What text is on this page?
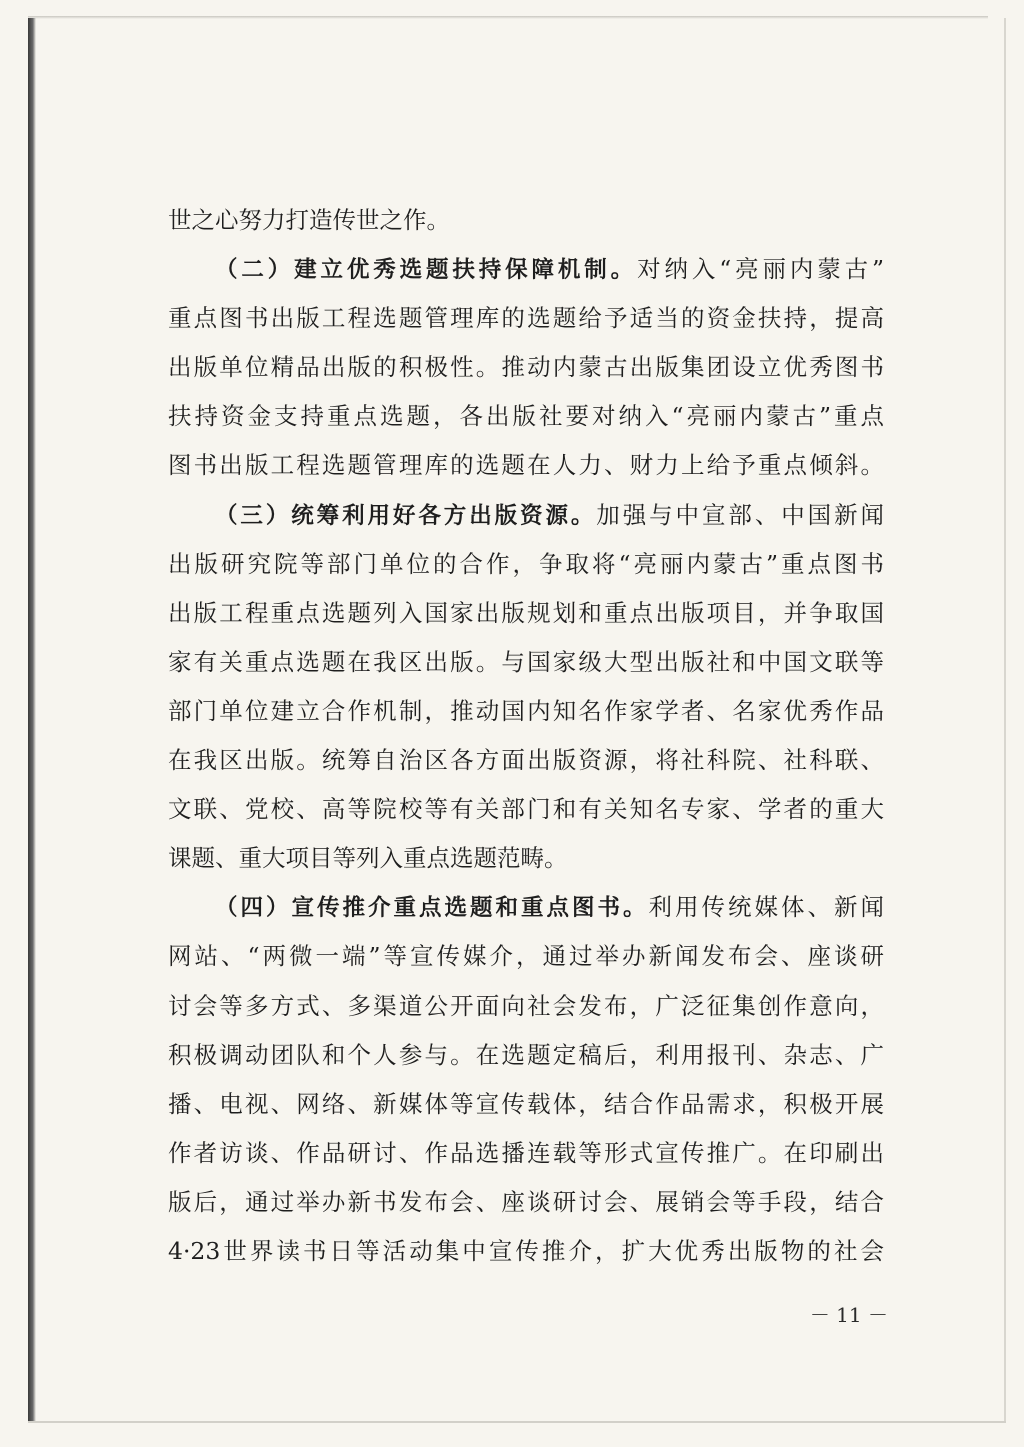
世之心努力打造传世之作。
（二）建立优秀选题扶持保障机制。对纳入“亮丽内蒙古”
重点图书出版工程选题管理库的选题给予适当的资金扶持，提高
出版单位精品出版的积极性。推动内蒙古出版集团设立优秀图书
扶持资金支持重点选题，各出版社要对纳入“亮丽内蒙古”重点
图书出版工程选题管理库的选题在人力、财力上给予重点倾斜。
（三）统筹利用好各方出版资源。加强与中宣部、中国新闻
出版研究院等部门单位的合作，争取将“亮丽内蒙古”重点图书
出版工程重点选题列入国家出版规划和重点出版项目，并争取国
家有关重点选题在我区出版。与国家级大型出版社和中国文联等
部门单位建立合作机制，推动国内知名作家学者、名家优秀作品
在我区出版。统筹自治区各方面出版资源，将社科院、社科联、
文联、党校、高等院校等有关部门和有关知名专家、学者的重大
课题、重大项目等列入重点选题范畴。
（四）宣传推介重点选题和重点图书。利用传统媒体、新闻
网站、“两微一端”等宣传媒介，通过举办新闻发布会、座谈研
讨会等多方式、多渠道公开面向社会发布，广泛征集创作意向，
积极调动团队和个人参与。在选题定稿后，利用报刊、杂志、广
播、电视、网络、新媒体等宣传载体，结合作品需求，积极开展
作者访谈、作品研讨、作品选播连载等形式宣传推广。在印刷出
版后，通过举办新书发布会、座谈研讨会、展销会等手段，结合
4·23世界读书日等活动集中宣传推介，扩大优秀出版物的社会
－ 11 －
